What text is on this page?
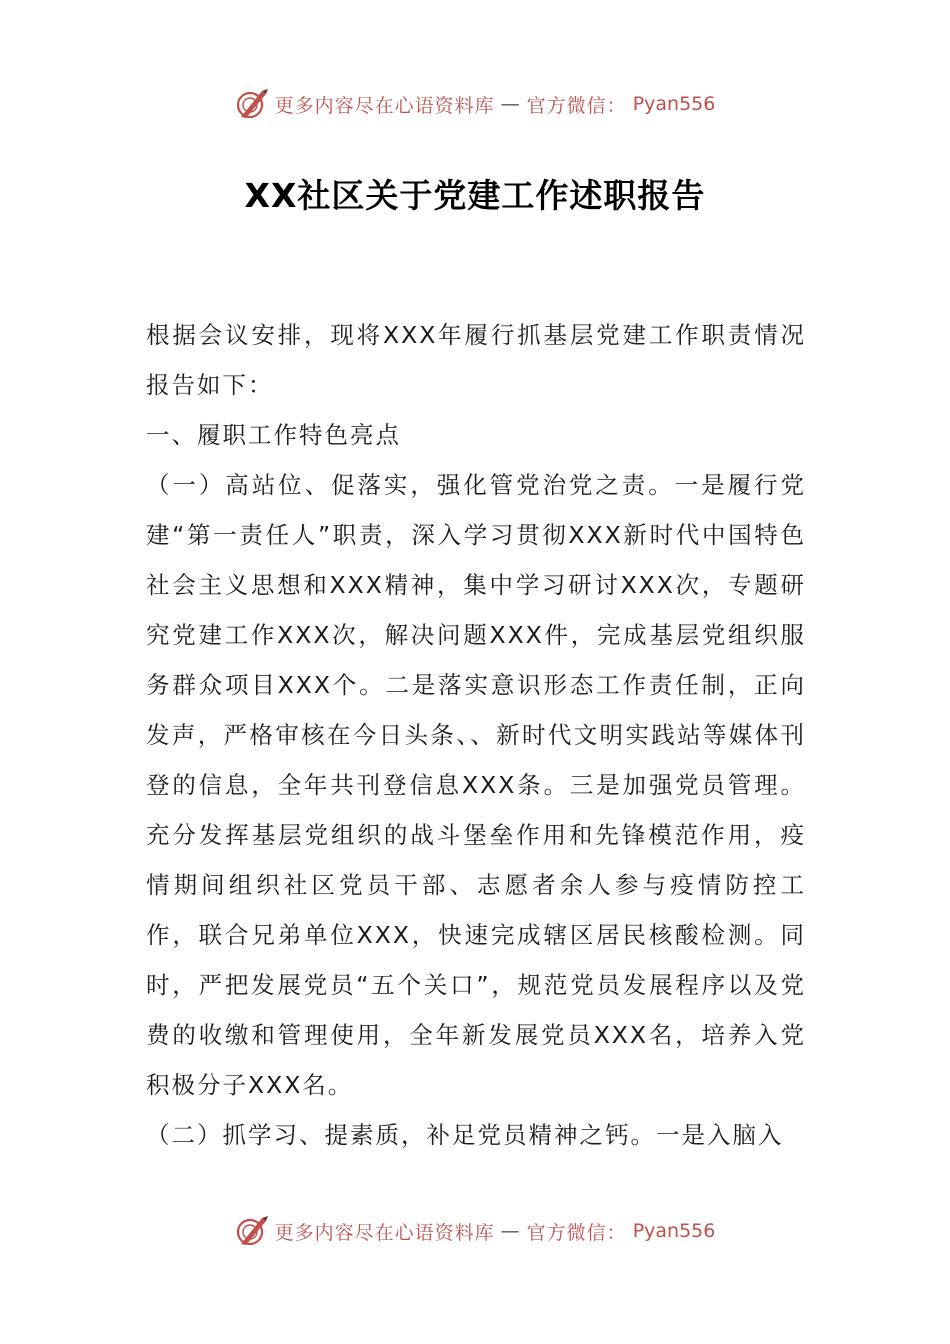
更多内容尽在心语资料库 — 官方微信： Pyan556
XX社区关于党建工作述职报告

根据会议安排，现将XXX年履行抓基层党建工作职责情况报告如下：

一、履职工作特色亮点

（一）高站位、促落实，强化管党治党之责。一是履行党建“第一责任人”职责，深入学习贯彻XXX新时代中国特色社会主义思想和XXX精神，集中学习研讨XXX次，专题研究党建工作XXX次，解决问题XXX件，完成基层党组织服务群众项目XXX个。二是落实意识形态工作责任制，正向发声，严格审核在今日头条、、新时代文明实践站等媒体刊登的信息，全年共刊登信息XXX条。三是加强党员管理。充分发挥基层党组织的战斗堡垒作用和先锋模范作用，疫情期间组织社区党员干部、志愿者余人参与疫情防控工作，联合兄弟单位XXX，快速完成辖区居民核酸检测。同时，严把发展党员“五个关口”，规范党员发展程序以及党费的收缴和管理使用，全年新发展党员XXX名，培养入党积极分子XXX名。

（二）抓学习、提素质，补足党员精神之钙。一是入脑入

更多内容尽在心语资料库 — 官方微信： Pyan556
